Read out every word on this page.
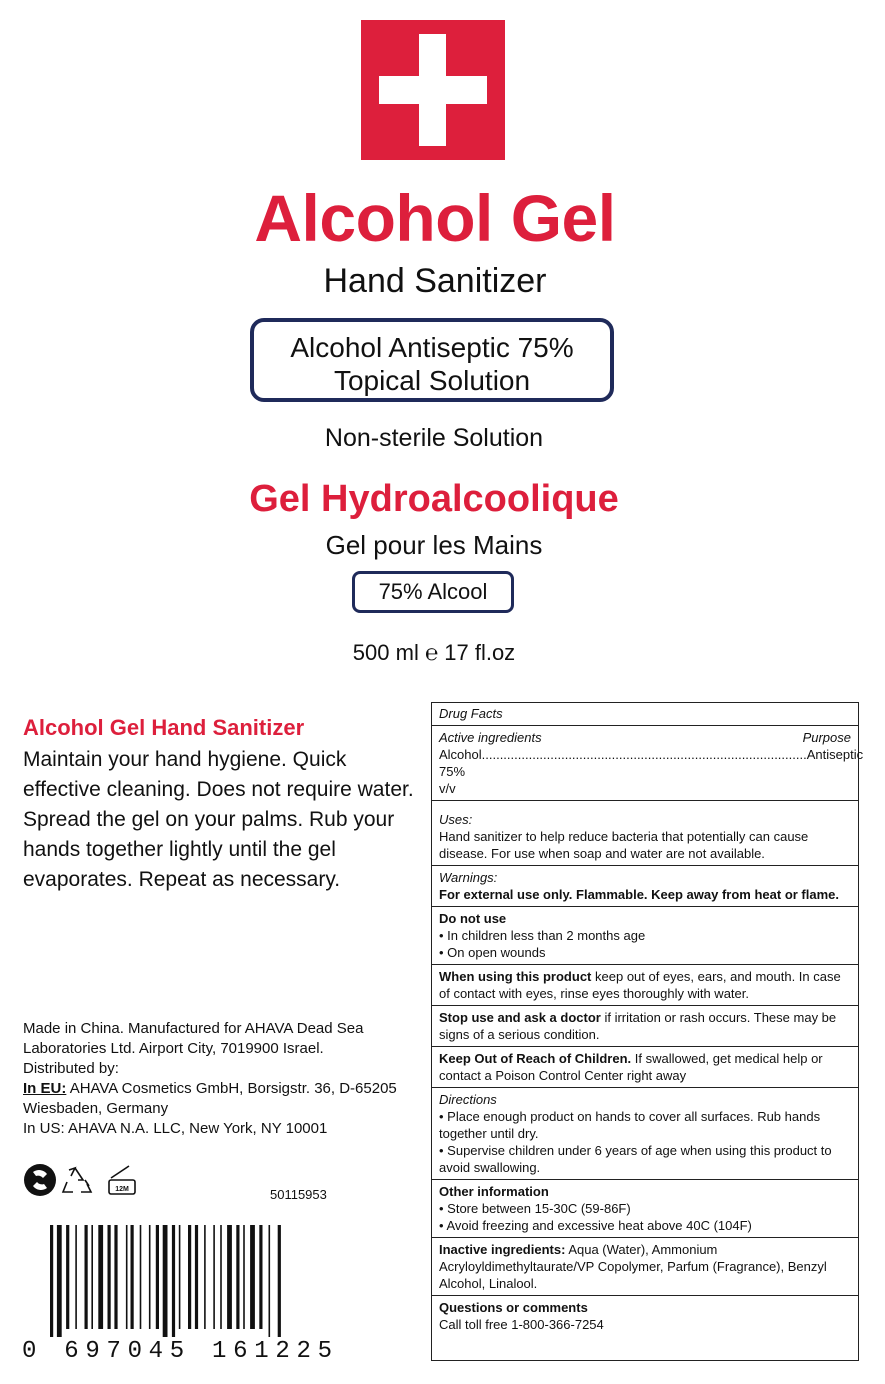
Alcohol Gel
Hand Sanitizer
Alcohol Antiseptic 75%
Topical Solution
Non-sterile Solution
Gel Hydroalcoolique
Gel pour les Mains
75% Alcool
500 ml ℮ 17 fl.oz
Alcohol Gel Hand Sanitizer
Maintain your hand hygiene. Quick effective cleaning. Does not require water. Spread the gel on your palms. Rub your hands together lightly until the gel evaporates. Repeat as necessary.
Made in China. Manufactured for AHAVA Dead Sea Laboratories Ltd. Airport City, 7019900 Israel.
Distributed by:
In EU: AHAVA Cosmetics GmbH, Borsigstr. 36, D-65205 Wiesbaden, Germany
In US: AHAVA N.A. LLC, New York, NY 10001
12M	50115953
0 697045 161225
Drug Facts
Active ingredients	Purpose
Alcohol 75% v/v
.......................................................................................... Antiseptic
Uses:
Hand sanitizer to help reduce bacteria that potentially can cause disease. For use when soap and water are not available.
Warnings:
For external use only. Flammable. Keep away from heat or flame.
Do not use
• In children less than 2 months age
• On open wounds
When using this product keep out of eyes, ears, and mouth. In case of contact with eyes, rinse eyes thoroughly with water.
Stop use and ask a doctor if irritation or rash occurs. These may be signs of a serious condition.
Keep Out of Reach of Children. If swallowed, get medical help or contact a Poison Control Center right away
Directions
• Place enough product on hands to cover all surfaces. Rub hands together until dry.
• Supervise children under 6 years of age when using this product to avoid swallowing.
Other information
• Store between 15-30C (59-86F)
• Avoid freezing and excessive heat above 40C (104F)
Inactive ingredients: Aqua (Water), Ammonium Acryloyldimethyltaurate/VP Copolymer, Parfum (Fragrance), Benzyl Alcohol, Linalool.
Questions or comments
Call toll free 1-800-366-7254
